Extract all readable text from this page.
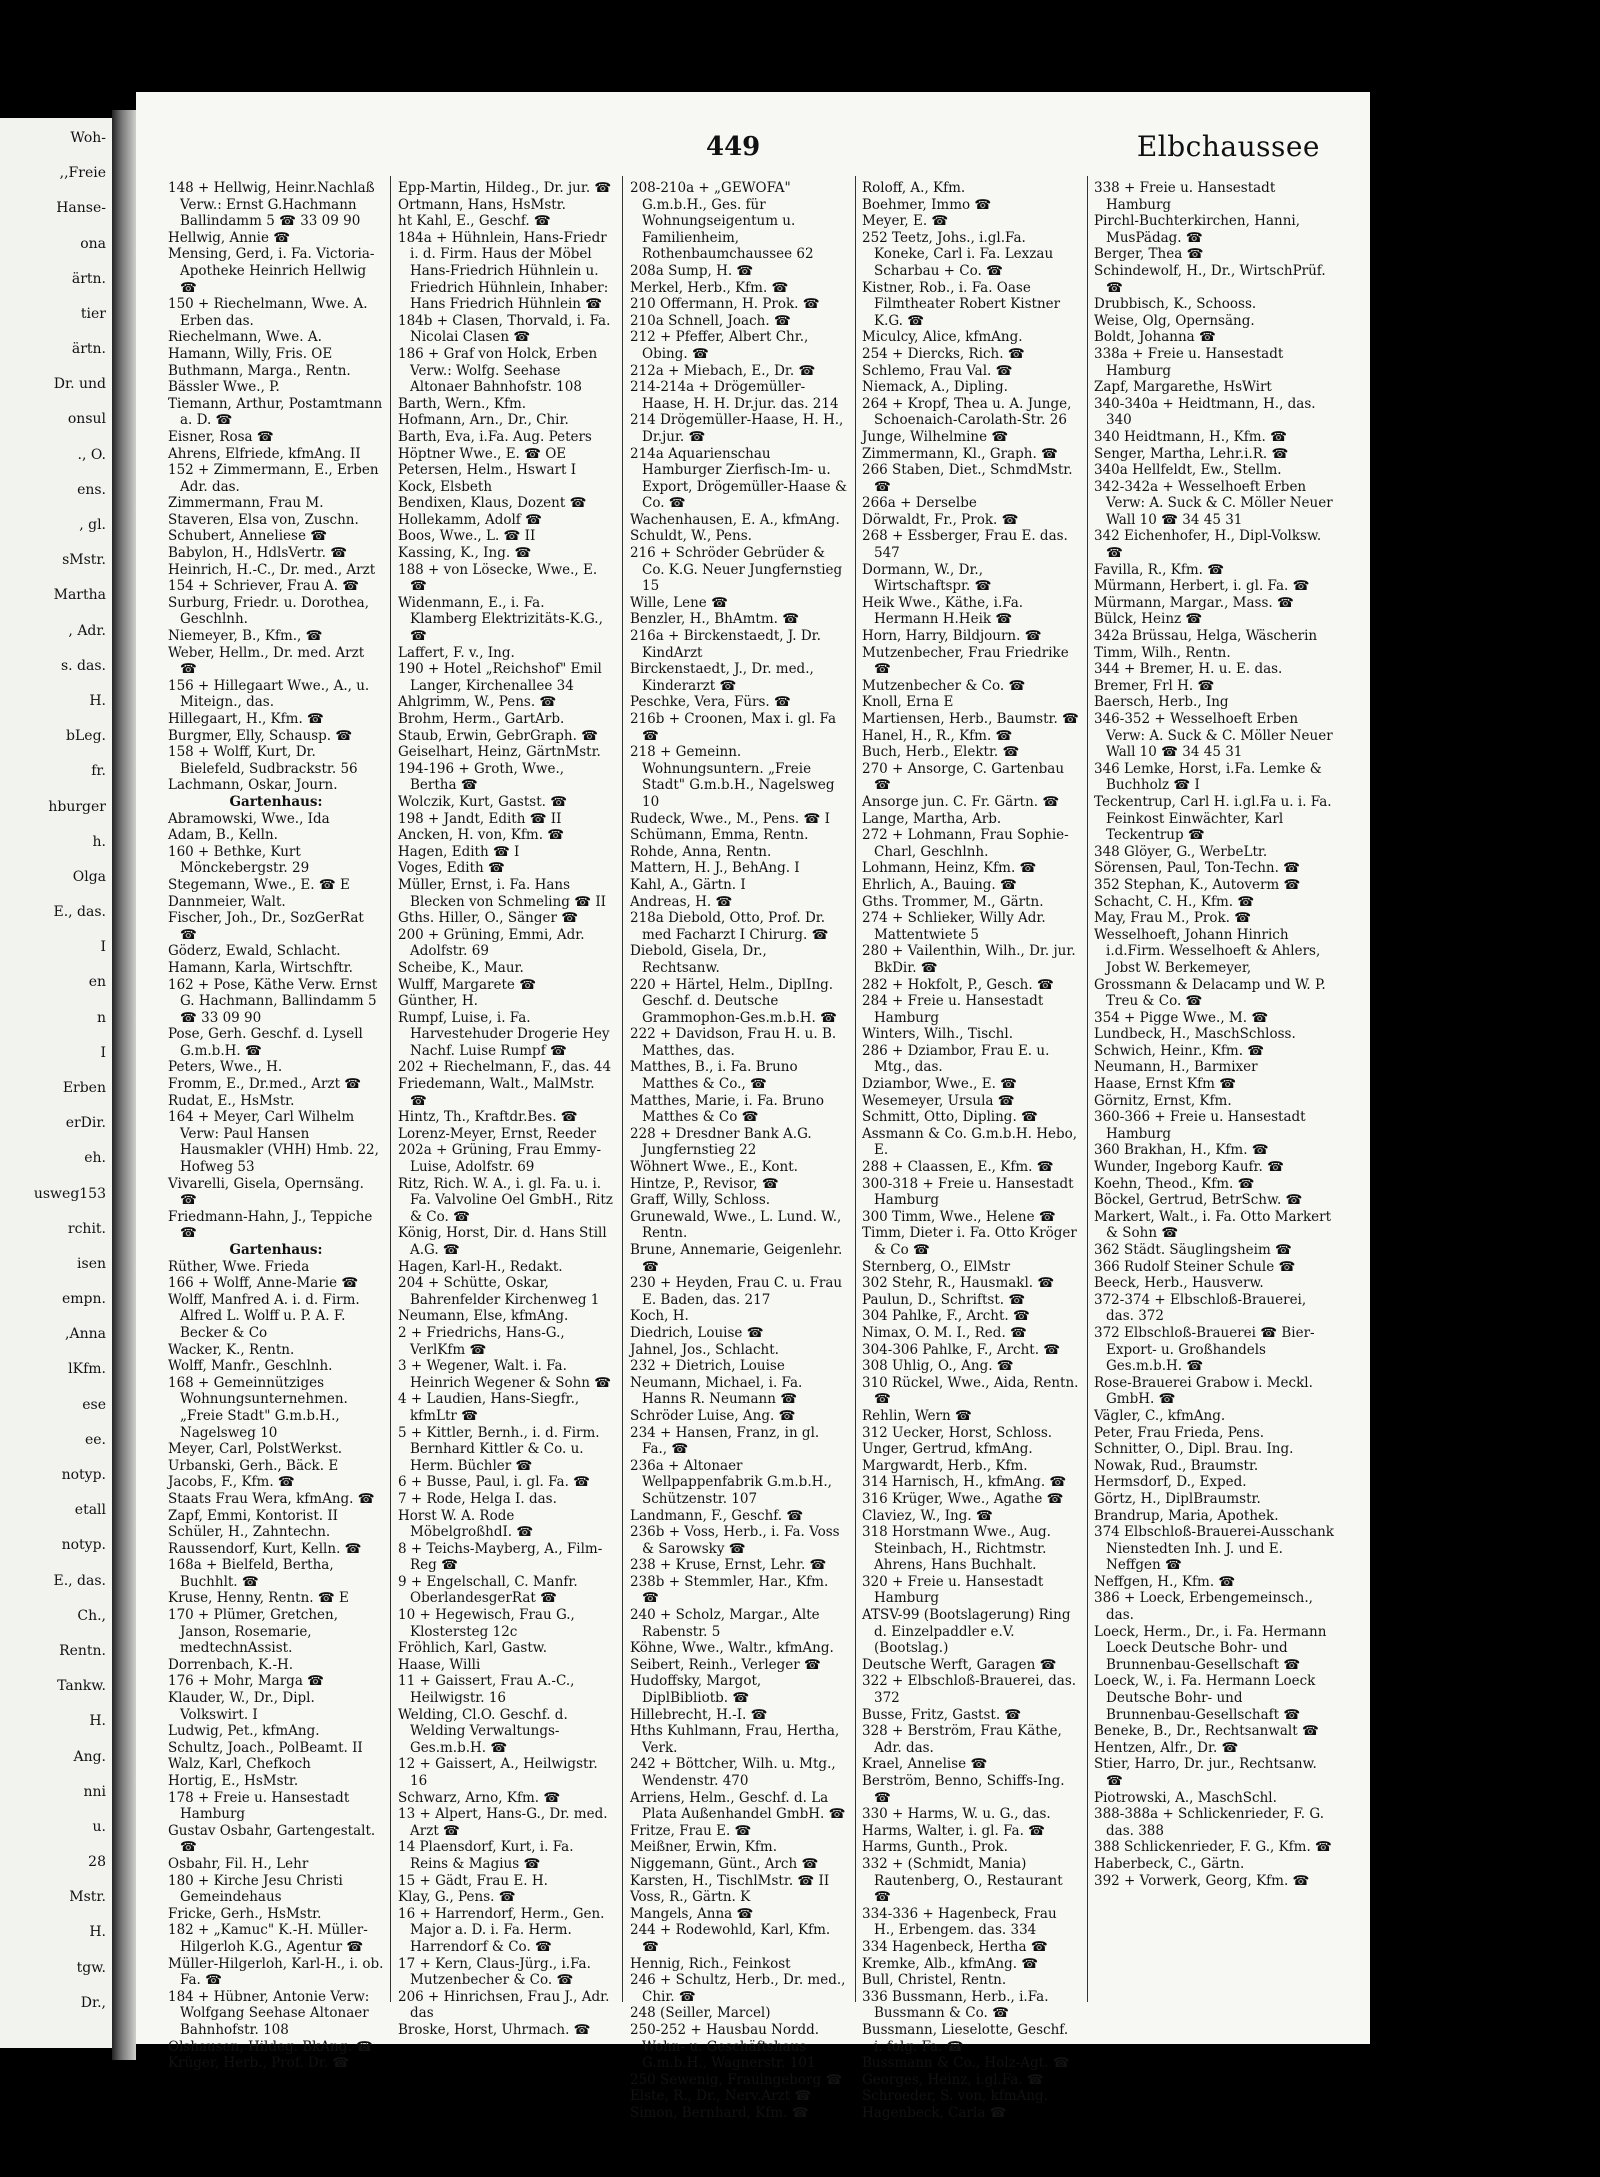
Woh-
,,Freie
Hanse-
ona
ärtn.
tier
ärtn.
Dr. und
onsul
., O.
ens.
, gl.
sMstr.
Martha
, Adr.
s. das.
H.
bLeg.
fr.
hburger
h.
Olga
E., das.
I
en
n
I
Erben
erDir.
eh.
usweg153
rchit.
isen
empn.
,Anna
lKfm.
ese
ee.
notyp.
etall
notyp.
E., das.
Ch.,
Rentn.
Tankw.
H.
Ang.
nni
u.
28
Mstr.
H.
tgw.
Dr.,
449	Elbchaussee
148 + Hellwig, Heinr.Nachlaß Verw.: Ernst G.Hachmann Ballindamm 5 ☎ 33 09 90
Hellwig, Annie ☎
Mensing, Gerd, i. Fa. Victoria-Apotheke Heinrich Hellwig ☎
150 + Riechelmann, Wwe. A. Erben das.
Riechelmann, Wwe. A.
Hamann, Willy, Fris. OE
Buthmann, Marga., Rentn.
Bässler Wwe., P.
Tiemann, Arthur, Postamtmann a. D. ☎
Eisner, Rosa ☎
Ahrens, Elfriede, kfmAng. II
152 + Zimmermann, E., Erben Adr. das.
Zimmermann, Frau M.
Staveren, Elsa von, Zuschn.
Schubert, Anneliese ☎
Babylon, H., HdlsVertr. ☎
Heinrich, H.-C., Dr. med., Arzt
154 + Schriever, Frau A. ☎
Surburg, Friedr. u. Dorothea, Geschlnh.
Niemeyer, B., Kfm., ☎
Weber, Hellm., Dr. med. Arzt ☎
156 + Hillegaart Wwe., A., u. Miteign., das.
Hillegaart, H., Kfm. ☎
Burgmer, Elly, Schausp. ☎
158 + Wolff, Kurt, Dr. Bielefeld, Sudbrackstr. 56
Lachmann, Oskar, Journ.
Gartenhaus:
Abramowski, Wwe., Ida
Adam, B., Kelln.
160 + Bethke, Kurt Mönckebergstr. 29
Stegemann, Wwe., E. ☎ E
Dannmeier, Walt.
Fischer, Joh., Dr., SozGerRat ☎
Göderz, Ewald, Schlacht.
Hamann, Karla, Wirtschftr.
162 + Pose, Käthe Verw. Ernst G. Hachmann, Ballindamm 5 ☎ 33 09 90
Pose, Gerh. Geschf. d. Lysell G.m.b.H. ☎
Peters, Wwe., H.
Fromm, E., Dr.med., Arzt ☎
Rudat, E., HsMstr.
164 + Meyer, Carl Wilhelm Verw: Paul Hansen Hausmakler (VHH) Hmb. 22, Hofweg 53
Vivarelli, Gisela, Opernsäng. ☎
Friedmann-Hahn, J., Teppiche ☎
Gartenhaus:
Rüther, Wwe. Frieda
166 + Wolff, Anne-Marie ☎
Wolff, Manfred A. i. d. Firm. Alfred L. Wolff u. P. A. F. Becker & Co
Wacker, K., Rentn.
Wolff, Manfr., Geschlnh.
168 + Gemeinnütziges Wohnungsunternehmen. „Freie Stadt" G.m.b.H., Nagelsweg 10
Meyer, Carl, PolstWerkst.
Urbanski, Gerh., Bäck. E
Jacobs, F., Kfm. ☎
Staats Frau Wera, kfmAng. ☎
Zapf, Emmi, Kontorist. II
Schüler, H., Zahntechn.
Raussendorf, Kurt, Kelln. ☎
168a + Bielfeld, Bertha, Buchhlt. ☎
Kruse, Henny, Rentn. ☎ E
170 + Plümer, Gretchen, Janson, Rosemarie, medtechnAssist.
Dorrenbach, K.-H.
176 + Mohr, Marga ☎
Klauder, W., Dr., Dipl. Volkswirt. I
Ludwig, Pet., kfmAng.
Schultz, Joach., PolBeamt. II
Walz, Karl, Chefkoch
Hortig, E., HsMstr.
178 + Freie u. Hansestadt Hamburg
Gustav Osbahr, Gartengestalt. ☎
Osbahr, Fil. H., Lehr
180 + Kirche Jesu Christi Gemeindehaus
Fricke, Gerh., HsMstr.
182 + „Kamuc" K.-H. Müller-Hilgerloh K.G., Agentur ☎
Müller-Hilgerloh, Karl-H., i. ob. Fa. ☎
184 + Hübner, Antonie Verw: Wolfgang Seehase Altonaer Bahnhofstr. 108
Olshausen, Hildeg. BkAng. ☎
Krüger, Herb., Prof. Dr. ☎
Epp-Martin, Hildeg., Dr. jur. ☎
Ortmann, Hans, HsMstr.
ht Kahl, E., Geschf. ☎
184a + Hühnlein, Hans-Friedr i. d. Firm. Haus der Möbel Hans-Friedrich Hühnlein u. Friedrich Hühnlein, Inhaber: Hans Friedrich Hühnlein ☎
184b + Clasen, Thorvald, i. Fa. Nicolai Clasen ☎
186 + Graf von Holck, Erben Verw.: Wolfg. Seehase Altonaer Bahnhofstr. 108
Barth, Wern., Kfm.
Hofmann, Arn., Dr., Chir.
Barth, Eva, i.Fa. Aug. Peters
Höptner Wwe., E. ☎ OE
Petersen, Helm., Hswart I
Kock, Elsbeth
Bendixen, Klaus, Dozent ☎
Hollekamm, Adolf ☎
Boos, Wwe., L. ☎ II
Kassing, K., Ing. ☎
188 + von Lösecke, Wwe., E. ☎
Widenmann, E., i. Fa. Klamberg Elektrizitäts-K.G., ☎
Laffert, F. v., Ing.
190 + Hotel „Reichshof" Emil Langer, Kirchenallee 34
Ahlgrimm, W., Pens. ☎
Brohm, Herm., GartArb.
Staub, Erwin, GebrGraph. ☎
Geiselhart, Heinz, GärtnMstr.
194-196 + Groth, Wwe., Bertha ☎
Wolczik, Kurt, Gastst. ☎
198 + Jandt, Edith ☎ II
Ancken, H. von, Kfm. ☎
Hagen, Edith ☎ I
Voges, Edith ☎
Müller, Ernst, i. Fa. Hans Blecken von Schmeling ☎ II
Gths. Hiller, O., Sänger ☎
200 + Grüning, Emmi, Adr. Adolfstr. 69
Scheibe, K., Maur.
Wulff, Margarete ☎
Günther, H.
Rumpf, Luise, i. Fa. Harvestehuder Drogerie Hey Nachf. Luise Rumpf ☎
202 + Riechelmann, F., das. 44
Friedemann, Walt., MalMstr. ☎
Hintz, Th., Kraftdr.Bes. ☎
Lorenz-Meyer, Ernst, Reeder
202a + Grüning, Frau Emmy-Luise, Adolfstr. 69
Ritz, Rich. W. A., i. gl. Fa. u. i. Fa. Valvoline Oel GmbH., Ritz & Co. ☎
König, Horst, Dir. d. Hans Still A.G. ☎
Hagen, Karl-H., Redakt.
204 + Schütte, Oskar, Bahrenfelder Kirchenweg 1
Neumann, Else, kfmAng.
2 + Friedrichs, Hans-G., VerlKfm ☎
3 + Wegener, Walt. i. Fa. Heinrich Wegener & Sohn ☎
4 + Laudien, Hans-Siegfr., kfmLtr ☎
5 + Kittler, Bernh., i. d. Firm. Bernhard Kittler & Co. u. Herm. Büchler ☎
6 + Busse, Paul, i. gl. Fa. ☎
7 + Rode, Helga I. das.
Horst W. A. Rode MöbelgroßhdI. ☎
8 + Teichs-Mayberg, A., Film-Reg ☎
9 + Engelschall, C. Manfr. OberlandesgerRat ☎
10 + Hegewisch, Frau G., Klostersteg 12c
Fröhlich, Karl, Gastw.
Haase, Willi
11 + Gaissert, Frau A.-C., Heilwigstr. 16
Welding, Cl.O. Geschf. d. Welding Verwaltungs-Ges.m.b.H. ☎
12 + Gaissert, A., Heilwigstr. 16
Schwarz, Arno, Kfm. ☎
13 + Alpert, Hans-G., Dr. med. Arzt ☎
14 Plaensdorf, Kurt, i. Fa. Reins & Magius ☎
15 + Gädt, Frau E. H.
Klay, G., Pens. ☎
16 + Harrendorf, Herm., Gen. Major a. D. i. Fa. Herm. Harrendorf & Co. ☎
17 + Kern, Claus-Jürg., i.Fa. Mutzenbecher & Co. ☎
206 + Hinrichsen, Frau J., Adr. das
Broske, Horst, Uhrmach. ☎
208-210a + „GEWOFA" G.m.b.H., Ges. für Wohnungseigentum u. Familienheim, Rothenbaumchaussee 62
208a Sump, H. ☎
Merkel, Herb., Kfm. ☎
210 Offermann, H. Prok. ☎
210a Schnell, Joach. ☎
212 + Pfeffer, Albert Chr., Obing. ☎
212a + Miebach, E., Dr. ☎
214-214a + Drögemüller-Haase, H. H. Dr.jur. das. 214
214 Drögemüller-Haase, H. H., Dr.jur. ☎
214a Aquarienschau Hamburger Zierfisch-Im- u. Export, Drögemüller-Haase & Co. ☎
Wachenhausen, E. A., kfmAng.
Schuldt, W., Pens.
216 + Schröder Gebrüder & Co. K.G. Neuer Jungfernstieg 15
Wille, Lene ☎
Benzler, H., BhAmtm. ☎
216a + Birckenstaedt, J. Dr. KindArzt
Birckenstaedt, J., Dr. med., Kinderarzt ☎
Peschke, Vera, Fürs. ☎
216b + Croonen, Max i. gl. Fa ☎
218 + Gemeinn. Wohnungsuntern. „Freie Stadt" G.m.b.H., Nagelsweg 10
Rudeck, Wwe., M., Pens. ☎ I
Schümann, Emma, Rentn.
Rohde, Anna, Rentn.
Mattern, H. J., BehAng. I
Kahl, A., Gärtn. I
Andreas, H. ☎
218a Diebold, Otto, Prof. Dr. med Facharzt I Chirurg. ☎
Diebold, Gisela, Dr., Rechtsanw.
220 + Härtel, Helm., DiplIng. Geschf. d. Deutsche Grammophon-Ges.m.b.H. ☎
222 + Davidson, Frau H. u. B. Matthes, das.
Matthes, B., i. Fa. Bruno Matthes & Co., ☎
Matthes, Marie, i. Fa. Bruno Matthes & Co ☎
228 + Dresdner Bank A.G. Jungfernstieg 22
Wöhnert Wwe., E., Kont.
Hintze, P., Revisor, ☎
Graff, Willy, Schloss.
Grunewald, Wwe., L. Lund. W., Rentn.
Brune, Annemarie, Geigenlehr. ☎
230 + Heyden, Frau C. u. Frau E. Baden, das. 217
Koch, H.
Diedrich, Louise ☎
Jahnel, Jos., Schlacht.
232 + Dietrich, Louise
Neumann, Michael, i. Fa. Hanns R. Neumann ☎
Schröder Luise, Ang. ☎
234 + Hansen, Franz, in gl. Fa., ☎
236a + Altonaer Wellpappenfabrik G.m.b.H., Schützenstr. 107
Landmann, F., Geschf. ☎
236b + Voss, Herb., i. Fa. Voss & Sarowsky ☎
238 + Kruse, Ernst, Lehr. ☎
238b + Stemmler, Har., Kfm. ☎
240 + Scholz, Margar., Alte Rabenstr. 5
Köhne, Wwe., Waltr., kfmAng.
Seibert, Reinh., Verleger ☎
Hudoffsky, Margot, DiplBibliotb. ☎
Hillebrecht, H.-I. ☎
Hths Kuhlmann, Frau, Hertha, Verk.
242 + Böttcher, Wilh. u. Mtg., Wendenstr. 470
Arriens, Helm., Geschf. d. La Plata Außenhandel GmbH. ☎
Fritze, Frau E. ☎
Meißner, Erwin, Kfm.
Niggemann, Günt., Arch ☎
Karsten, H., TischlMstr. ☎ II
Voss, R., Gärtn. K
Mangels, Anna ☎
244 + Rodewohld, Karl, Kfm. ☎
Hennig, Rich., Feinkost
246 + Schultz, Herb., Dr. med., Chir. ☎
248 (Seiller, Marcel)
250-252 + Hausbau Nordd. Wohn- u. Geschäftshaus G.m.b.H., Wagnerstr. 101
250 Sewenig, Fraulngeborg ☎
Elste, R., Dr., Nerv.Arzt ☎
Simon, Bernhard, Kfm. ☎
Roloff, A., Kfm.
Boehmer, Immo ☎
Meyer, E. ☎
252 Teetz, Johs., i.gl.Fa. Koneke, Carl i. Fa. Lexzau Scharbau + Co. ☎
Kistner, Rob., i. Fa. Oase Filmtheater Robert Kistner K.G. ☎
Miculcy, Alice, kfmAng.
254 + Diercks, Rich. ☎
Schlemo, Frau Val. ☎
Niemack, A., Dipling.
264 + Kropf, Thea u. A. Junge, Schoenaich-Carolath-Str. 26
Junge, Wilhelmine ☎
Zimmermann, Kl., Graph. ☎
266 Staben, Diet., SchmdMstr. ☎
266a + Derselbe
Dörwaldt, Fr., Prok. ☎
268 + Essberger, Frau E. das. 547
Dormann, W., Dr., Wirtschaftspr. ☎
Heik Wwe., Käthe, i.Fa. Hermann H.Heik ☎
Horn, Harry, Bildjourn. ☎
Mutzenbecher, Frau Friedrike ☎
Mutzenbecher & Co. ☎
Knoll, Erna E
Martiensen, Herb., Baumstr. ☎
Hanel, H., R., Kfm. ☎
Buch, Herb., Elektr. ☎
270 + Ansorge, C. Gartenbau ☎
Ansorge jun. C. Fr. Gärtn. ☎
Lange, Martha, Arb.
272 + Lohmann, Frau Sophie-Charl, Geschlnh.
Lohmann, Heinz, Kfm. ☎
Ehrlich, A., Bauing. ☎
Gths. Trommer, M., Gärtn.
274 + Schlieker, Willy Adr. Mattentwiete 5
280 + Vailenthin, Wilh., Dr. jur. BkDir. ☎
282 + Hokfolt, P., Gesch. ☎
284 + Freie u. Hansestadt Hamburg
Winters, Wilh., Tischl.
286 + Dziambor, Frau E. u. Mtg., das.
Dziambor, Wwe., E. ☎
Wesemeyer, Ursula ☎
Schmitt, Otto, Dipling. ☎
Assmann & Co. G.m.b.H. Hebo, E.
288 + Claassen, E., Kfm. ☎
300-318 + Freie u. Hansestadt Hamburg
300 Timm, Wwe., Helene ☎
Timm, Dieter i. Fa. Otto Kröger & Co ☎
Sternberg, O., ElMstr
302 Stehr, R., Hausmakl. ☎
Paulun, D., Schriftst. ☎
304 Pahlke, F., Archt. ☎
Nimax, O. M. I., Red. ☎
304-306 Pahlke, F., Archt. ☎
308 Uhlig, O., Ang. ☎
310 Rückel, Wwe., Aida, Rentn. ☎
Rehlin, Wern ☎
312 Uecker, Horst, Schloss.
Unger, Gertrud, kfmAng.
Margwardt, Herb., Kfm.
314 Harnisch, H., kfmAng. ☎
316 Krüger, Wwe., Agathe ☎
Claviez, W., Ing. ☎
318 Horstmann Wwe., Aug. Steinbach, H., Richtmstr. Ahrens, Hans Buchhalt.
320 + Freie u. Hansestadt Hamburg
ATSV-99 (Bootslagerung) Ring d. Einzelpaddler e.V. (Bootslag.)
Deutsche Werft, Garagen ☎
322 + Elbschloß-Brauerei, das. 372
Busse, Fritz, Gastst. ☎
328 + Berström, Frau Käthe, Adr. das.
Krael, Annelise ☎
Berström, Benno, Schiffs-Ing. ☎
330 + Harms, W. u. G., das.
Harms, Walter, i. gl. Fa. ☎
Harms, Gunth., Prok.
332 + (Schmidt, Mania) Rautenberg, O., Restaurant ☎
334-336 + Hagenbeck, Frau H., Erbengem. das. 334
334 Hagenbeck, Hertha ☎
Kremke, Alb., kfmAng. ☎
Bull, Christel, Rentn.
336 Bussmann, Herb., i.Fa. Bussmann & Co. ☎
Bussmann, Lieselotte, Geschf. i. folg. Fa. ☎
Bussmann & Co., Holz-Agt. ☎
Georges, Heinz, i.gl.Fa. ☎
Schroeder, S. von, kfmAng.
Hagenbeck, Carla ☎
338 + Freie u. Hansestadt Hamburg
Pirchl-Buchterkirchen, Hanni, MusPädag. ☎
Berger, Thea ☎
Schindewolf, H., Dr., WirtschPrüf. ☎
Drubbisch, K., Schooss.
Weise, Olg, Opernsäng.
Boldt, Johanna ☎
338a + Freie u. Hansestadt Hamburg
Zapf, Margarethe, HsWirt
340-340a + Heidtmann, H., das. 340
340 Heidtmann, H., Kfm. ☎
Senger, Martha, Lehr.i.R. ☎
340a Hellfeldt, Ew., Stellm.
342-342a + Wesselhoeft Erben Verw: A. Suck & C. Möller Neuer Wall 10 ☎ 34 45 31
342 Eichenhofer, H., Dipl-Volksw. ☎
Favilla, R., Kfm. ☎
Mürmann, Herbert, i. gl. Fa. ☎
Mürmann, Margar., Mass. ☎
Bülck, Heinz ☎
342a Brüssau, Helga, Wäscherin
Timm, Wilh., Rentn.
344 + Bremer, H. u. E. das.
Bremer, Frl H. ☎
Baersch, Herb., Ing
346-352 + Wesselhoeft Erben Verw: A. Suck & C. Möller Neuer Wall 10 ☎ 34 45 31
346 Lemke, Horst, i.Fa. Lemke & Buchholz ☎ I
Teckentrup, Carl H. i.gl.Fa u. i. Fa. Feinkost Einwächter, Karl Teckentrup ☎
348 Glöyer, G., WerbeLtr.
Sörensen, Paul, Ton-Techn. ☎
352 Stephan, K., Autoverm ☎
Schacht, C. H., Kfm. ☎
May, Frau M., Prok. ☎
Wesselhoeft, Johann Hinrich i.d.Firm. Wesselhoeft & Ahlers, Jobst W. Berkemeyer,
Grossmann & Delacamp und W. P. Treu & Co. ☎
354 + Pigge Wwe., M. ☎
Lundbeck, H., MaschSchloss.
Schwich, Heinr., Kfm. ☎
Neumann, H., Barmixer
Haase, Ernst Kfm ☎
Görnitz, Ernst, Kfm.
360-366 + Freie u. Hansestadt Hamburg
360 Brakhan, H., Kfm. ☎
Wunder, Ingeborg Kaufr. ☎
Koehn, Theod., Kfm. ☎
Böckel, Gertrud, BetrSchw. ☎
Markert, Walt., i. Fa. Otto Markert & Sohn ☎
362 Städt. Säuglingsheim ☎
366 Rudolf Steiner Schule ☎
Beeck, Herb., Hausverw.
372-374 + Elbschloß-Brauerei, das. 372
372 Elbschloß-Brauerei ☎ Bier-Export- u. Großhandels Ges.m.b.H. ☎
Rose-Brauerei Grabow i. Meckl. GmbH. ☎
Vägler, C., kfmAng.
Peter, Frau Frieda, Pens.
Schnitter, O., Dipl. Brau. Ing.
Nowak, Rud., Braumstr.
Hermsdorf, D., Exped.
Görtz, H., DiplBraumstr.
Brandrup, Maria, Apothek.
374 Elbschloß-Brauerei-Ausschank Nienstedten Inh. J. und E. Neffgen ☎
Neffgen, H., Kfm. ☎
386 + Loeck, Erbengemeinsch., das.
Loeck, Herm., Dr., i. Fa. Hermann Loeck Deutsche Bohr- und Brunnenbau-Gesellschaft ☎
Loeck, W., i. Fa. Hermann Loeck Deutsche Bohr- und Brunnenbau-Gesellschaft ☎
Beneke, B., Dr., Rechtsanwalt ☎
Hentzen, Alfr., Dr. ☎
Stier, Harro, Dr. jur., Rechtsanw. ☎
Piotrowski, A., MaschSchl.
388-388a + Schlickenrieder, F. G. das. 388
388 Schlickenrieder, F. G., Kfm. ☎
Haberbeck, C., Gärtn.
392 + Vorwerk, Georg, Kfm. ☎
